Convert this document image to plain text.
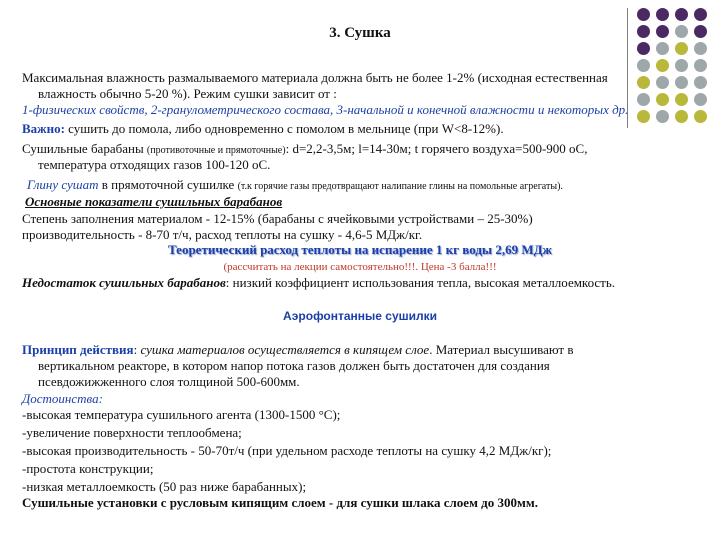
3. Сушка
Максимальная влажность размалываемого материала должна быть не более 1-2% (исходная естественная
влажность обычно 5-20 %). Режим сушки зависит от :
1-физических свойств, 2-гранулометрического состава, 3-начальной и конечной влажности и некоторых др.
Важно: сушить до помола, либо одновременно с помолом в мельнице (при W<8-12%).
Сушильные барабаны (противоточные и прямоточные): d=2,2-3,5м; l=14-30м; t горячего воздуха=500-900 оС,
температура отходящих газов 100-120 оС.
Глину сушат в прямоточной сушилке (т.к горячие газы предотвращают налипание глины на помольные агрегаты).
Основные показатели сушильных барабанов
Степень заполнения материалом - 12-15% (барабаны с ячейковыми устройствами – 25-30%)
производительность - 8-70 т/ч, расход теплоты на сушку - 4,6-5 МДж/кг.
Теоретический расход теплоты на испарение 1 кг воды 2,69 МДж
(рассчитать на лекции самостоятельно!!!. Цена -3 балла!!!
Недостаток сушильных барабанов: низкий коэффициент использования тепла, высокая металлоемкость.
Аэрофонтанные сушилки
Принцип действия: сушка материалов осуществляется в кипящем слое. Материал высушивают в
вертикальном реакторе, в котором напор потока газов должен быть достаточен для создания
псевдожижженного слоя толщиной 500-600мм.
Достоинства:
-высокая температура сушильного агента (1300-1500 °С);
-увеличение поверхности теплообмена;
-высокая производительность - 50-70т/ч (при удельном расходе теплоты на сушку 4,2 МДж/кг);
-простота конструкции;
-низкая металлоемкость (50 раз ниже барабанных);
Сушильные установки с русловым кипящим слоем - для сушки шлака слоем до 300мм.
